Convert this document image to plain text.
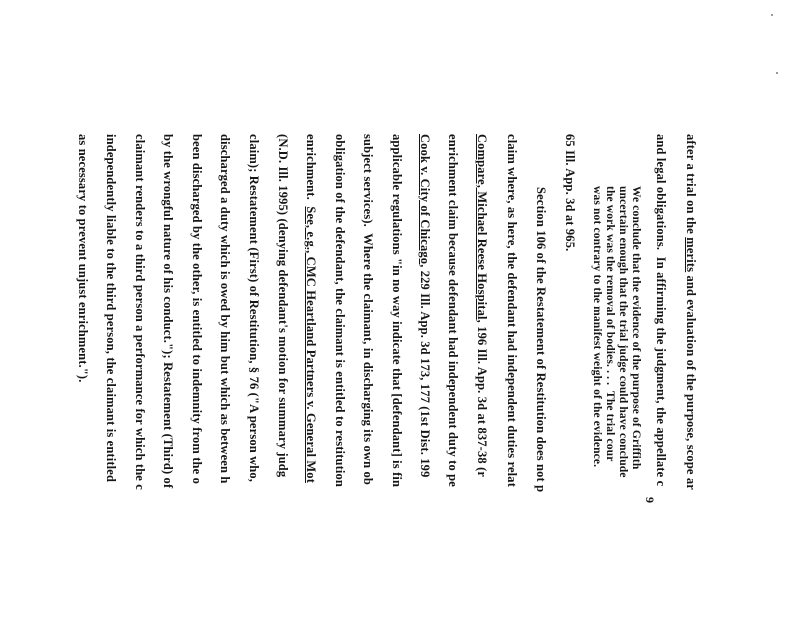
9
after a trial on the merits and evaluation of the purpose, scope ar
and legal obligations.  In affirming the judgment, the appellate c
We conclude that the evidence of the purpose of Griffith
uncertain enough that the trial judge could have conclude
the work was the removal of bodies. . . .  The trial cour
was not contrary to the manifest weight of the evidence.
65 Ill. App. 3d at 965.
Section 106 of the Restatement of Restitution does not p
claim where, as here, the defendant had independent duties relat
Compare, Michael Reese Hospital, 196 Ill. App. 3d at 837-38 (r
enrichment claim because defendant had independent duty to pe
Cook v. City of Chicago, 229 Ill. App. 3d 173, 177 (1st Dist. 199
applicable regulations "in no way indicate that [defendant] is fin
subject services).  Where the claimant, in discharging its own ob
obligation of the defendant, the claimant is entitled to restitution
enrichment.  See, e.g., CMC Heartland Partners v. General Mot
(N.D. Ill. 1995) (denying defendant's motion for summary judg
claim); Restatement (First) of Restitution, § 76 ("A person who,
discharged a duty which is owed by him but which as between h
been discharged by the other, is entitled to indemnity from the o
by the wrongful nature of his conduct."); Restatement (Third) of
claimant renders to a third person a performance for which the c
independently liable to the third person, the claimant is entitled
as necessary to prevent unjust enrichment.").
